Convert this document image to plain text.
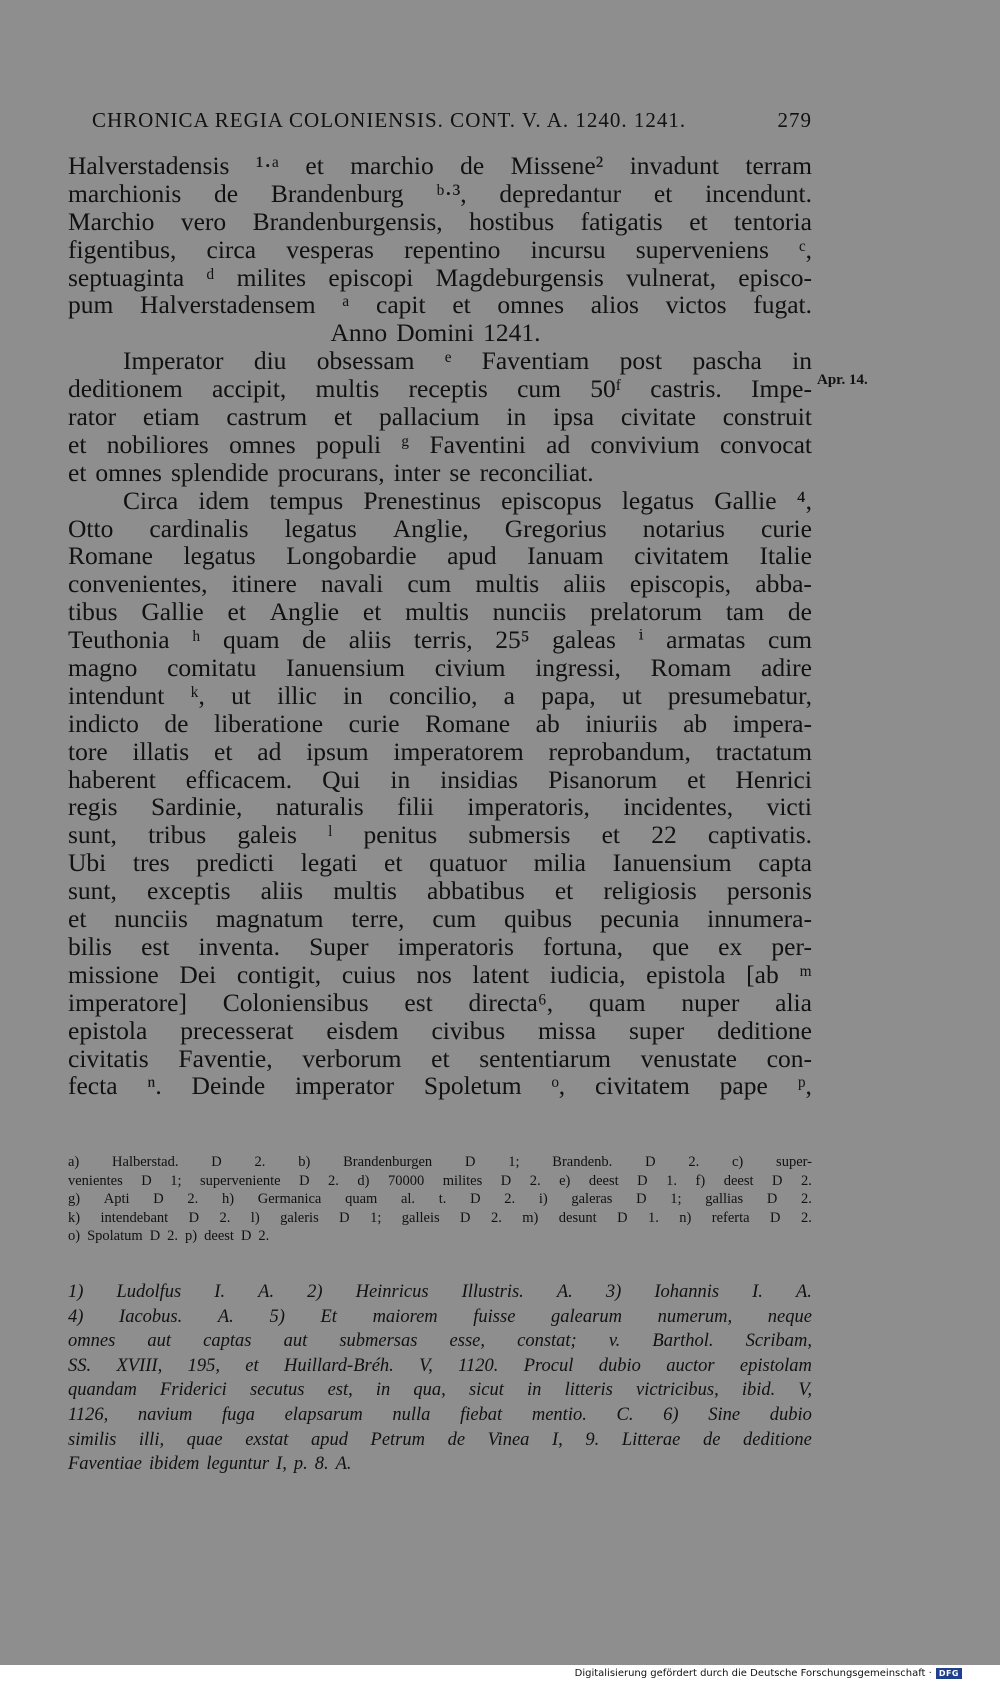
CHRONICA REGIA COLONIENSIS. CONT. V. A. 1240. 1241.	279
Apr. 14.
Halverstadensis ¹·ᵃ et marchio de Missene² invadunt terram
marchionis de Brandenburg ᵇ·³, depredantur et incendunt.
Marchio vero Brandenburgensis, hostibus fatigatis et tentoria
figentibus, circa vesperas repentino incursu superveniens ᶜ,
septuaginta ᵈ milites episcopi Magdeburgensis vulnerat, episco-
pum Halverstadensem ᵃ capit et omnes alios victos fugat.
Anno Domini 1241.
Imperator diu obsessam ᵉ Faventiam post pascha in
deditionem accipit, multis receptis cum 50ᶠ castris. Impe-
rator etiam castrum et pallacium in ipsa civitate construit
et nobiliores omnes populi ᵍ Faventini ad convivium convocat
et omnes splendide procurans, inter se reconciliat.
Circa idem tempus Prenestinus episcopus legatus Gallie ⁴,
Otto cardinalis legatus Anglie, Gregorius notarius curie
Romane legatus Longobardie apud Ianuam civitatem Italie
convenientes, itinere navali cum multis aliis episcopis, abba-
tibus Gallie et Anglie et multis nunciis prelatorum tam de
Teuthonia ʰ quam de aliis terris, 25⁵ galeas ⁱ armatas cum
magno comitatu Ianuensium civium ingressi, Romam adire
intendunt ᵏ, ut illic in concilio, a papa, ut presumebatur,
indicto de liberatione curie Romane ab iniuriis ab impera-
tore illatis et ad ipsum imperatorem reprobandum, tractatum
haberent efficacem. Qui in insidias Pisanorum et Henrici
regis Sardinie, naturalis filii imperatoris, incidentes, victi
sunt, tribus galeis ˡ penitus submersis et 22 captivatis.
Ubi tres predicti legati et quatuor milia Ianuensium capta
sunt, exceptis aliis multis abbatibus et religiosis personis
et nunciis magnatum terre, cum quibus pecunia innumera-
bilis est inventa. Super imperatoris fortuna, que ex per-
missione Dei contigit, cuius nos latent iudicia, epistola [ab ᵐ
imperatore] Coloniensibus est directa⁶, quam nuper alia
epistola precesserat eisdem civibus missa super deditione
civitatis Faventie, verborum et sententiarum venustate con-
fecta ⁿ. Deinde imperator Spoletum ᵒ, civitatem pape ᵖ,
a) Halberstad. D 2. b) Brandenburgen D 1; Brandenb. D 2. c) super-
venientes D 1; superveniente D 2. d) 70000 milites D 2. e) deest D 1. f) deest D 2.
g) Apti D 2. h) Germanica quam al. t. D 2. i) galeras D 1; gallias D 2.
k) intendebant D 2. l) galeris D 1; galleis D 2. m) desunt D 1. n) referta D 2.
o) Spolatum D 2. p) deest D 2.
1) Ludolfus I. A. 2) Heinricus Illustris. A. 3) Iohannis I. A.
4) Iacobus. A. 5) Et maiorem fuisse galearum numerum, neque
omnes aut captas aut submersas esse, constat; v. Barthol. Scribam,
SS. XVIII, 195, et Huillard-Bréh. V, 1120. Procul dubio auctor epistolam
quandam Friderici secutus est, in qua, sicut in litteris victricibus, ibid. V,
1126, navium fuga elapsarum nulla fiebat mentio. C. 6) Sine dubio
similis illi, quae exstat apud Petrum de Vinea I, 9. Litterae de deditione
Faventiae ibidem leguntur I, p. 8. A.
Digitalisierung gefördert durch die Deutsche Forschungsgemeinschaft · DFG
